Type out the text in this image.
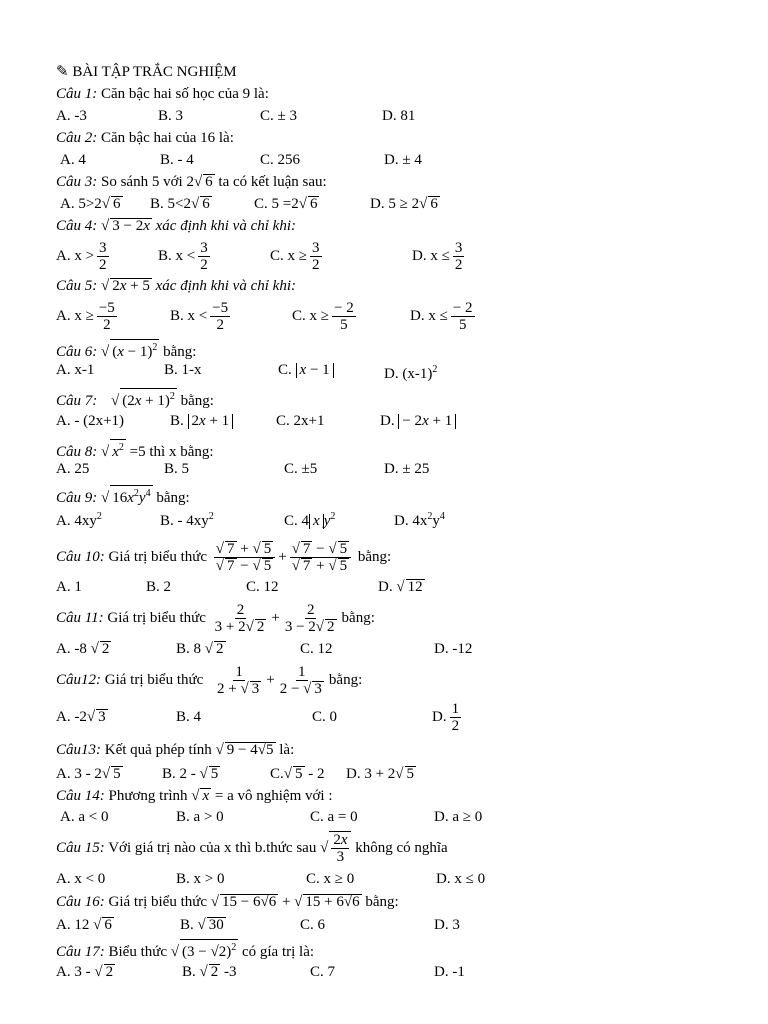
✎ BÀI TẬP TRẮC NGHIỆM
Câu 1: Căn bậc hai số học của 9 là:
A. -3	B. 3	C. ± 3	D. 81
Câu 2: Căn bậc hai của 16 là:
A. 4	B. - 4	C. 256	D. ± 4
Câu 3: So sánh 5 với 2√ 6 ta có kết luận sau:
A. 5>2√ 6 B. 5<2√ 6	C. 5 =2√ 6	D. 5 ≥ 2√ 6
Câu 4: √ 3 − 2x xác định khi và chỉ khi:
A. $x > \frac{3}{2}$	B. $x < \frac{3}{2}$	C. $x \ge \frac{3}{2}$	D. $x \le \frac{3}{2}$
Câu 5: √ 2x + 5 xác định khi và chỉ khi:
A. $x \ge \frac{-5}{2}$	B. $x < \frac{-5}{2}$	C. $x \ge \frac{- 2}{5}$	D. $x \le \frac{- 2}{5}$
Câu 6: √ $(x - 1)^2$ bằng:
A. x-1	B. 1-x	C. x − 1	D. $(x-1)^2$
Câu 7: √ $(2x + 1)^2$ bằng:
A. - (2x+1)	B. 2x + 1	C. 2x+1	D. − 2x + 1
Câu 8: √ $x^2 =5$ thì x bằng:
A. 25	B. 5	C. ±5	D. ± 25
Câu 9: √ $16x^2y^4$ bằng:
A. $4xy^2$	B. - $4xy^2$	C. 4 x $y^2$	D. $4x^2y^4$
Câu 10: Giá trị biểu thức $\frac{√ 7 + √ 5}{√ 7 - √ 5} + \frac{√ 7 - √ 5}{√ 7 + √ 5}$ bằng:
A. 1	B. 2	C. 12	D. √ 12
Câu 11: Giá trị biểu thức $\frac{2}{3 + 2√ 2} + \frac{2}{3 - 2√ 2}$ bằng:
A. -8 √ 2	B. 8 √ 2	C. 12	D. -12
Câu12: Giá trị biểu thức $\frac{1}{2 + √ 3} + \frac{1}{2 - √ 3}$ bằng:
A. -2√ 3	B. 4	C. 0	D. $\frac{1}{2}$
Câu13: Kết quả phép tính √ 9 − 4√5 là:
A. 3 - 2√ 5	B. 2 - √ 5	C.√ 5 - 2 D. 3 + 2√ 5
Câu 14: Phương trình √ x = a vô nghiệm với :
A. a < 0	B. a > 0	C. a = 0	D. a ≥ 0
Câu 15: Với giá trị nào của x thì b.thức sau √ $\frac{2x}{3}$ không có nghĩa
A. x < 0	B. x > 0	C. x ≥ 0	D. x ≤ 0
Câu 16: Giá trị biểu thức √ 15 − 6√6 + √ 15 + 6√6 bằng:
A. 12 √ 6	B. √ 30	C. 6	D. 3
Câu 17: Biểu thức √ $(3 - √2)^2$ có gía trị là:
A. 3 - √ 2	B. √ 2 -3	C. 7	D. -1
